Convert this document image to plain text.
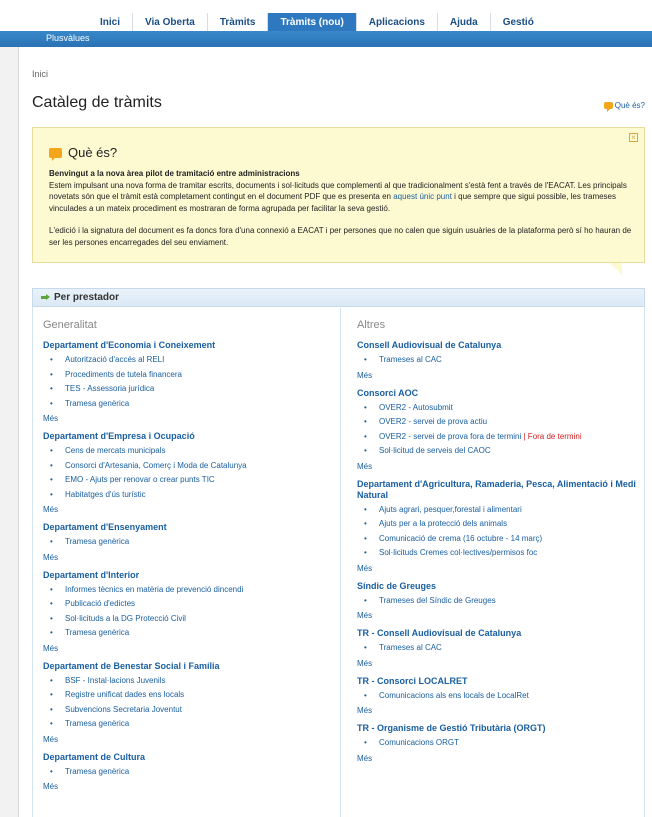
Inici	Via Oberta	Tràmits	Tràmits (nou)	Aplicacions	Ajuda	Gestió
Plusvàlues
Inici
Catàleg de tràmits	Què és?
×
Què és?

Benvingut a la nova àrea pilot de tramitació entre administracions
Estem impulsant una nova forma de tramitar escrits, documents i sol·licituds que complementi al que tradicionalment s'està fent a través de l'EACAT. Les principals novetats són que el tràmit està completament contingut en el document PDF que es presenta en aquest únic punt i que sempre que sigui possible, les trameses vinculades a un mateix procediment es mostraran de forma agrupada per facilitar la seva gestió.

L'edició i la signatura del document es fa doncs fora d'una connexió a EACAT i per persones que no calen que siguin usuàries de la plataforma però sí ho hauran de ser les persones encarregades del seu enviament.

Per prestador
Generalitat
Departament d'Economia i Coneixement
•	Autorització d'accés al RELI
•	Procediments de tutela financera
•	TES - Assessoria jurídica
•	Tramesa genèrica
Més
Departament d'Empresa i Ocupació
•	Cens de mercats municipals
•	Consorci d'Artesania, Comerç i Moda de Catalunya
•	EMO - Ajuts per renovar o crear punts TIC
•	Habitatges d'ús turístic
Més
Departament d'Ensenyament
•	Tramesa genèrica
Més
Departament d'Interior
•	Informes tècnics en matèria de prevenció dincendi
•	Publicació d'edictes
•	Sol·licituds a la DG Protecció Civil
•	Tramesa genèrica
Més
Departament de Benestar Social i Família
•	BSF - Instal·lacions Juvenils
•	Registre unificat dades ens locals
•	Subvencions Secretaria Joventut
•	Tramesa genèrica
Més
Departament de Cultura
•	Tramesa genèrica
Més
Altres
Consell Audiovisual de Catalunya
•	Trameses al CAC
Més
Consorci AOC
•	OVER2 - Autosubmit
•	OVER2 - servei de prova actiu
•	OVER2 - servei de prova fora de termini | Fora de termini
•	Sol·licitud de serveis del CAOC
Més
Departament d'Agricultura, Ramaderia, Pesca, Alimentació i Medi Natural
•	Ajuts agrari, pesquer,forestal i alimentari
•	Ajuts per a la protecció dels animals
•	Comunicació de crema (16 octubre - 14 març)
•	Sol·licituds Cremes col·lectives/permisos foc
Més
Síndic de Greuges
•	Trameses del Síndic de Greuges
Més
TR - Consell Audiovisual de Catalunya
•	Trameses al CAC
Més
TR - Consorci LOCALRET
•	Comunicacions als ens locals de LocalRet
Més
TR - Organisme de Gestió Tributària (ORGT)
•	Comunicacions ORGT
Més
